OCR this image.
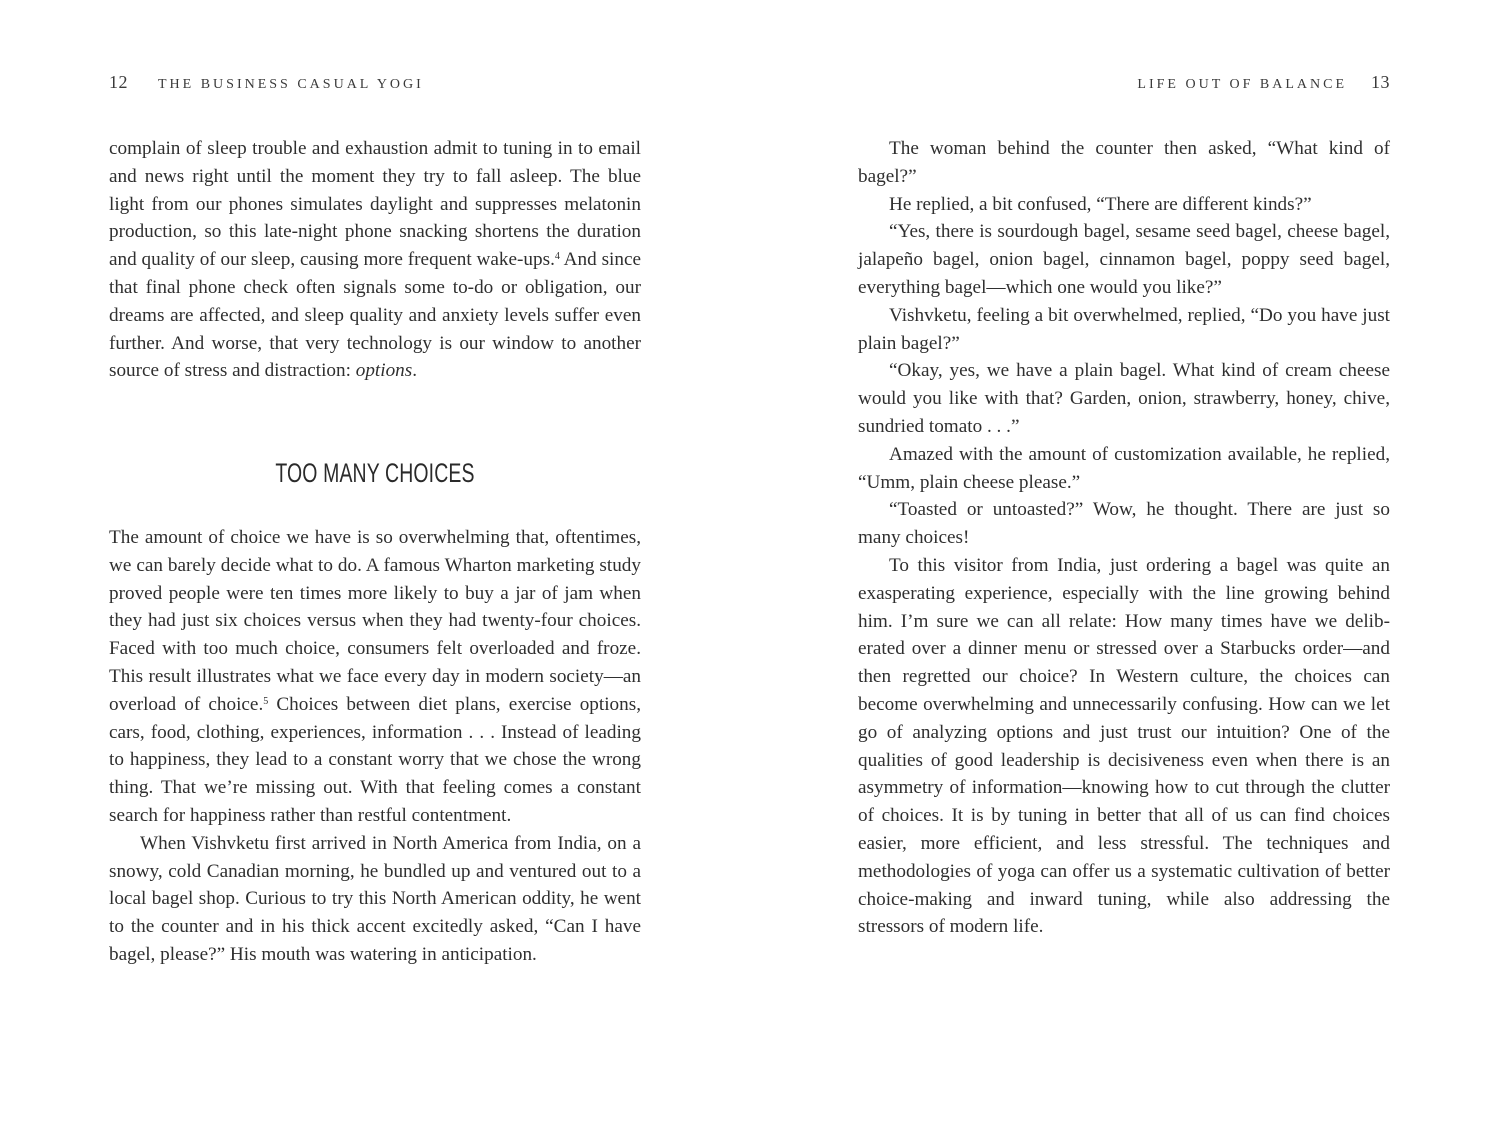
12 THE BUSINESS CASUAL YOGI

complain of sleep trouble and exhaustion admit to tuning in to email and news right until the moment they try to fall asleep. The blue light from our phones simulates daylight and suppresses melatonin production, so this late-night phone snacking shortens the duration and quality of our sleep, causing more frequent wake-ups.$^4$ And since that final phone check often signals some to-do or obligation, our dreams are affected, and sleep quality and anxiety levels suffer even further. And worse, that very technology is our window to another source of stress and distraction: options.

TOO MANY CHOICES

The amount of choice we have is so overwhelming that, oftentimes, we can barely decide what to do. A famous Wharton marketing study proved people were ten times more likely to buy a jar of jam when they had just six choices versus when they had twenty-four choices. Faced with too much choice, consumers felt overloaded and froze. This result illustrates what we face every day in modern society—an overload of choice.$^5$ Choices between diet plans, exercise options, cars, food, clothing, experiences, information . . . Instead of leading to happiness, they lead to a constant worry that we chose the wrong thing. That we’re missing out. With that feeling comes a constant search for happiness rather than restful contentment.

When Vishvketu first arrived in North America from India, on a snowy, cold Canadian morning, he bundled up and ventured out to a local bagel shop. Curious to try this North American oddity, he went to the counter and in his thick accent excitedly asked, “Can I have bagel, please?” His mouth was watering in anticipation.

LIFE OUT OF BALANCE 13

The woman behind the counter then asked, “What kind of bagel?”

He replied, a bit confused, “There are different kinds?”

“Yes, there is sourdough bagel, sesame seed bagel, cheese bagel, jalapeño bagel, onion bagel, cinnamon bagel, poppy seed bagel, everything bagel—which one would you like?”

Vishvketu, feeling a bit overwhelmed, replied, “Do you have just plain bagel?”

“Okay, yes, we have a plain bagel. What kind of cream cheese would you like with that? Garden, onion, strawberry, honey, chive, sundried tomato . . .”

Amazed with the amount of customization available, he replied, “Umm, plain cheese please.”

“Toasted or untoasted?” Wow, he thought. There are just so many choices!

To this visitor from India, just ordering a bagel was quite an exasperating experience, especially with the line growing behind him. I’m sure we can all relate: How many times have we deliberated over a dinner menu or stressed over a Starbucks order—and then regretted our choice? In Western culture, the choices can become overwhelming and unnecessarily confusing. How can we let go of analyzing options and just trust our intuition? One of the qualities of good leadership is decisiveness even when there is an asymmetry of information—knowing how to cut through the clutter of choices. It is by tuning in better that all of us can find choices easier, more efficient, and less stressful. The techniques and methodologies of yoga can offer us a systematic cultivation of better choice-making and inward tuning, while also addressing the stressors of modern life.
